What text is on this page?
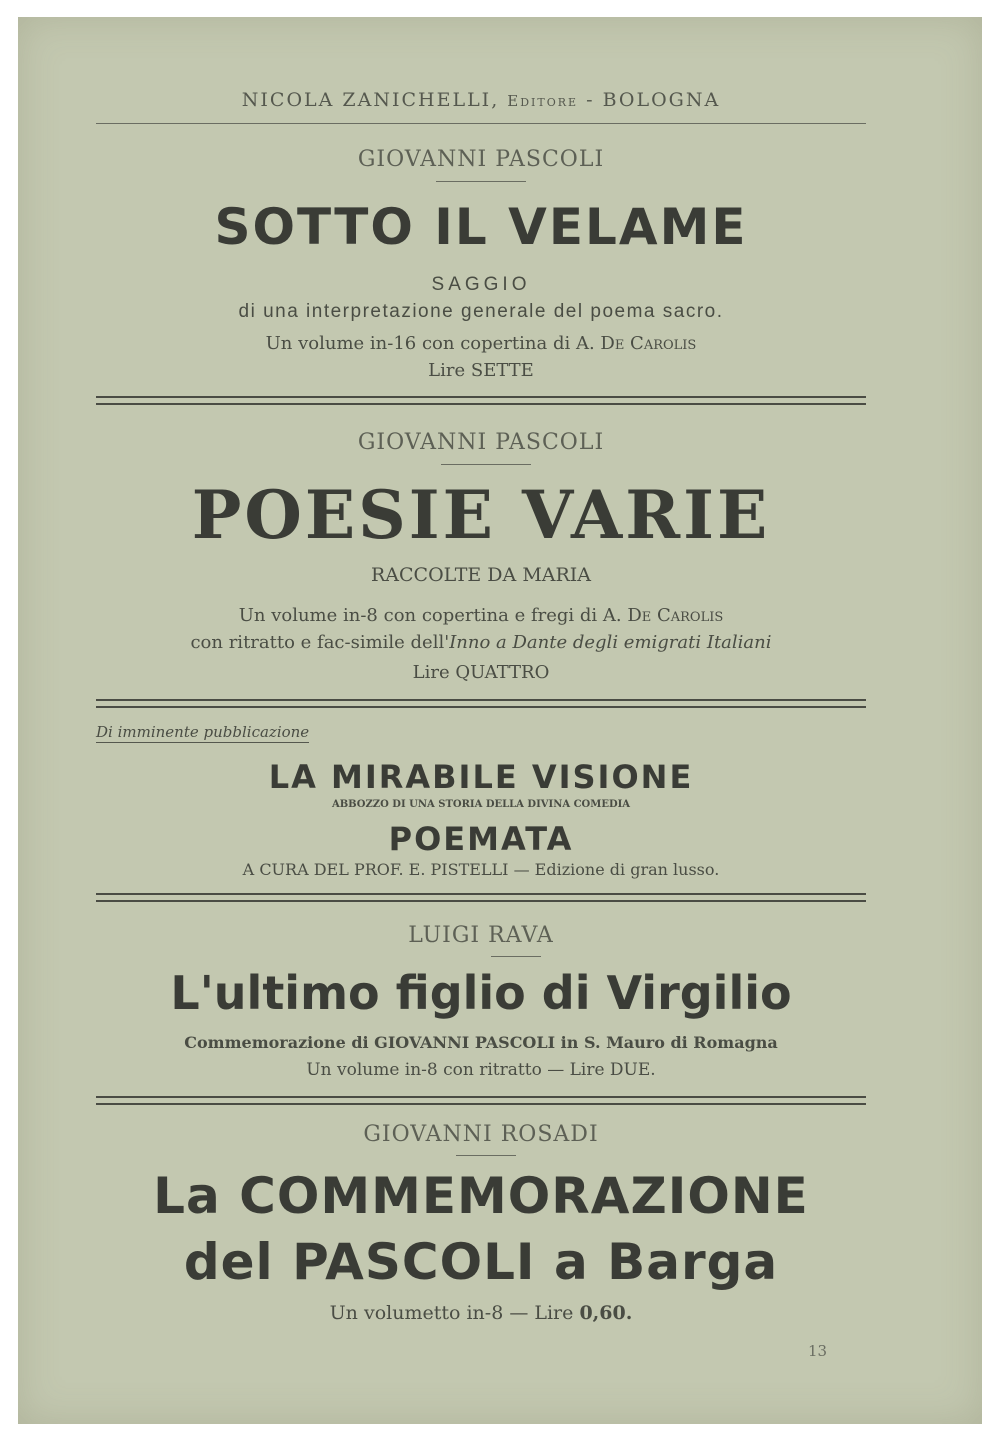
NICOLA ZANICHELLI, Editore - BOLOGNA
GIOVANNI PASCOLI
SOTTO IL VELAME
SAGGIO
di una interpretazione generale del poema sacro.
Un volume in-16 con copertina di A. De Carolis
Lire SETTE
GIOVANNI PASCOLI
POESIE VARIE
RACCOLTE DA MARIA
Un volume in-8 con copertina e fregi di A. De Carolis
con ritratto e fac-simile dell'Inno a Dante degli emigrati Italiani
Lire QUATTRO
Di imminente pubblicazione
LA MIRABILE VISIONE
ABBOZZO DI UNA STORIA DELLA DIVINA COMEDIA
POEMATA
A CURA DEL PROF. E. PISTELLI — Edizione di gran lusso.
LUIGI RAVA
L'ultimo figlio di Virgilio
Commemorazione di GIOVANNI PASCOLI in S. Mauro di Romagna
Un volume in-8 con ritratto — Lire DUE.
GIOVANNI ROSADI
La COMMEMORAZIONE
del PASCOLI a Barga
Un volumetto in-8 — Lire 0,60.
13
